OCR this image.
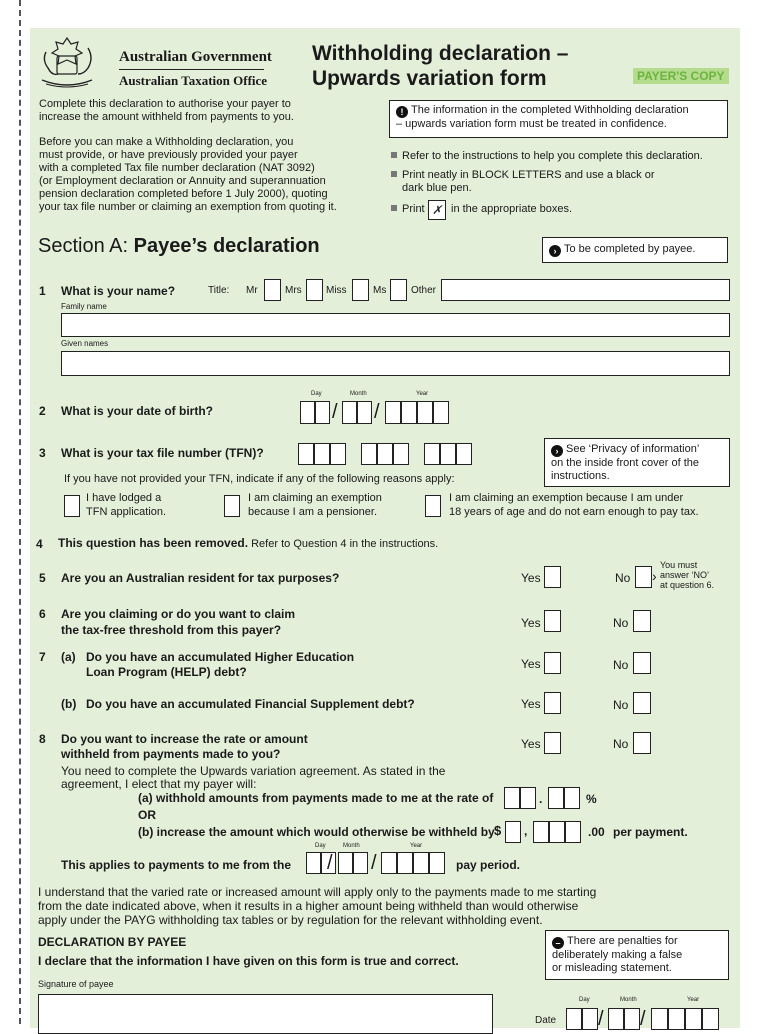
Australian Government
Australian Taxation Office
Withholding declaration –
Upwards variation form	PAYER'S COPY
Complete this declaration to authorise your payer to
increase the amount withheld from payments to you.
Before you can make a Withholding declaration, you
must provide, or have previously provided your payer
with a completed Tax file number declaration (NAT 3092)
(or Employment declaration or Annuity and superannuation
pension declaration completed before 1 July 2000), quoting
your tax file number or claiming an exemption from quoting it.
! The information in the completed Withholding declaration
– upwards variation form must be treated in confidence.
Refer to the instructions to help you complete this declaration.
Print neatly in BLOCK LETTERS and use a black or
dark blue pen.
Print ✗ in the appropriate boxes.
Section A: Payee’s declaration	› To be completed by payee.
1 What is your name?	Title: Mr	Mrs Miss	Ms Other
Family name
Given names
Day	Month	Year
2 What is your date of birth?	/ /
3 What is your tax file number (TFN)?	› See ‘Privacy of information’
on the inside front cover of the
instructions.
If you have not provided your TFN, indicate if any of the following reasons apply:
I have lodged a
TFN application.
I am claiming an exemption
because I am a pensioner.
I am claiming an exemption because I am under
18 years of age and do not earn enough to pay tax.
4 This question has been removed. Refer to Question 4 in the instructions.
5 Are you an Australian resident for tax purposes?	Yes	No ›
You must
answer ‘NO’
at question 6.
6 Are you claiming or do you want to claim
the tax-free threshold from this payer?	Yes	No
7 (a) Do you have an accumulated Higher Education
Loan Program (HELP) debt?
Yes	No
(b) Do you have an accumulated Financial Supplement debt?	Yes	No
8 Do you want to increase the rate or amount
withheld from payments made to you?
Yes	No
You need to complete the Upwards variation agreement. As stated in the
agreement, I elect that my payer will:
(a) withhold amounts from payments made to me at the rate of	.	%
OR
(b) increase the amount which would otherwise be withheld by $ ,	.00 per payment.
Day	Month	Year
This applies to payments to me from the / /	pay period.
I understand that the varied rate or increased amount will apply only to the payments made to me starting
from the date indicated above, when it results in a higher amount being withheld than would otherwise
apply under the PAYG withholding tax tables or by regulation for the relevant withholding event.
DECLARATION BY PAYEE
I declare that the information I have given on this form is true and correct.
– There are penalties for
deliberately making a false
or misleading statement.
Signature of payee
Day	Month	Year
Date / /
